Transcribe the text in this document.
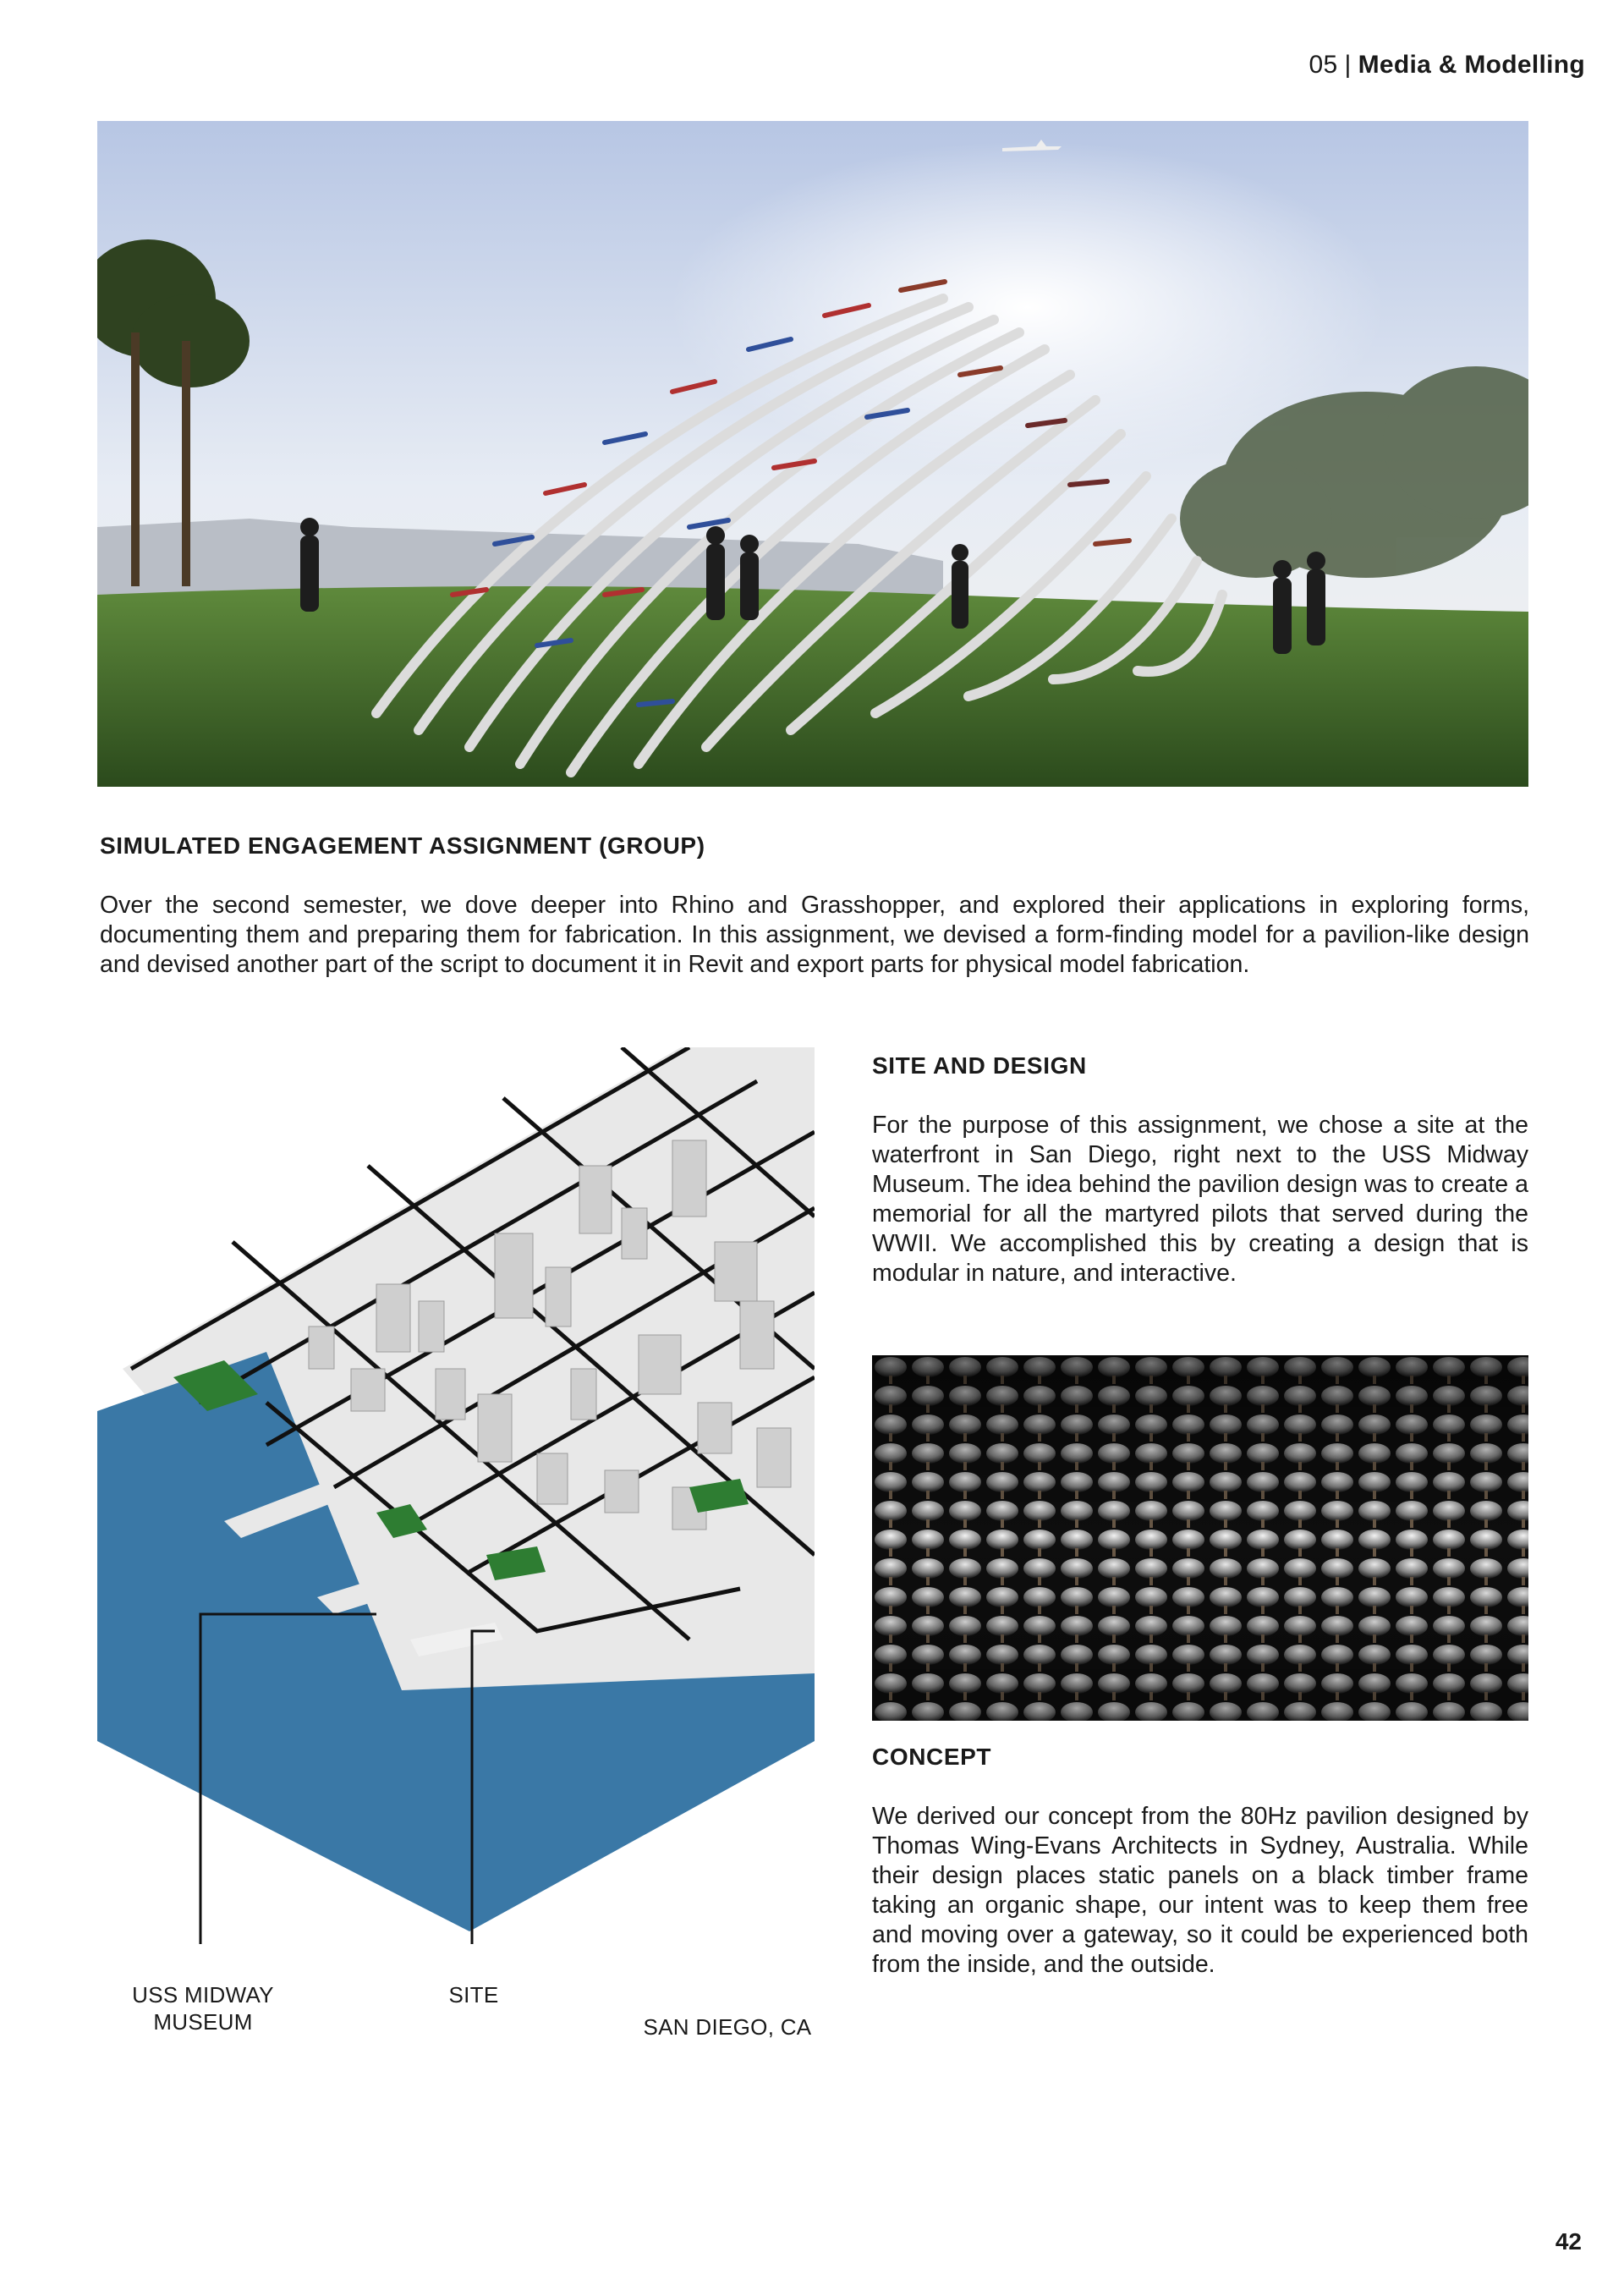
05 | Media & Modelling
SIMULATED ENGAGEMENT ASSIGNMENT (GROUP)
Over the second semester, we dove deeper into Rhino and Grasshopper, and explored their applications in exploring forms, documenting them and preparing them for fabrication. In this assignment, we devised a form-finding model for a pavilion-like design and devised another part of the script to document it in Revit and export parts for physical model fabrication.
USS MIDWAY
MUSEUM
SITE
SAN DIEGO, CA
SITE AND DESIGN
For the purpose of this assignment, we chose a site at the waterfront in San Diego, right next to the USS Midway Museum. The idea behind the pavilion design was to create a memorial for all the martyred pilots that served during the WWII. We accomplished this by creating a design that is modular in nature, and interactive.
CONCEPT
We derived our concept from the 80Hz pavilion designed by Thomas Wing-Evans Architects in Sydney, Australia. While their design places static panels on a black timber frame taking an organic shape, our intent was to keep them free and moving over a gateway, so it could be experienced both from the inside, and the outside.
42
